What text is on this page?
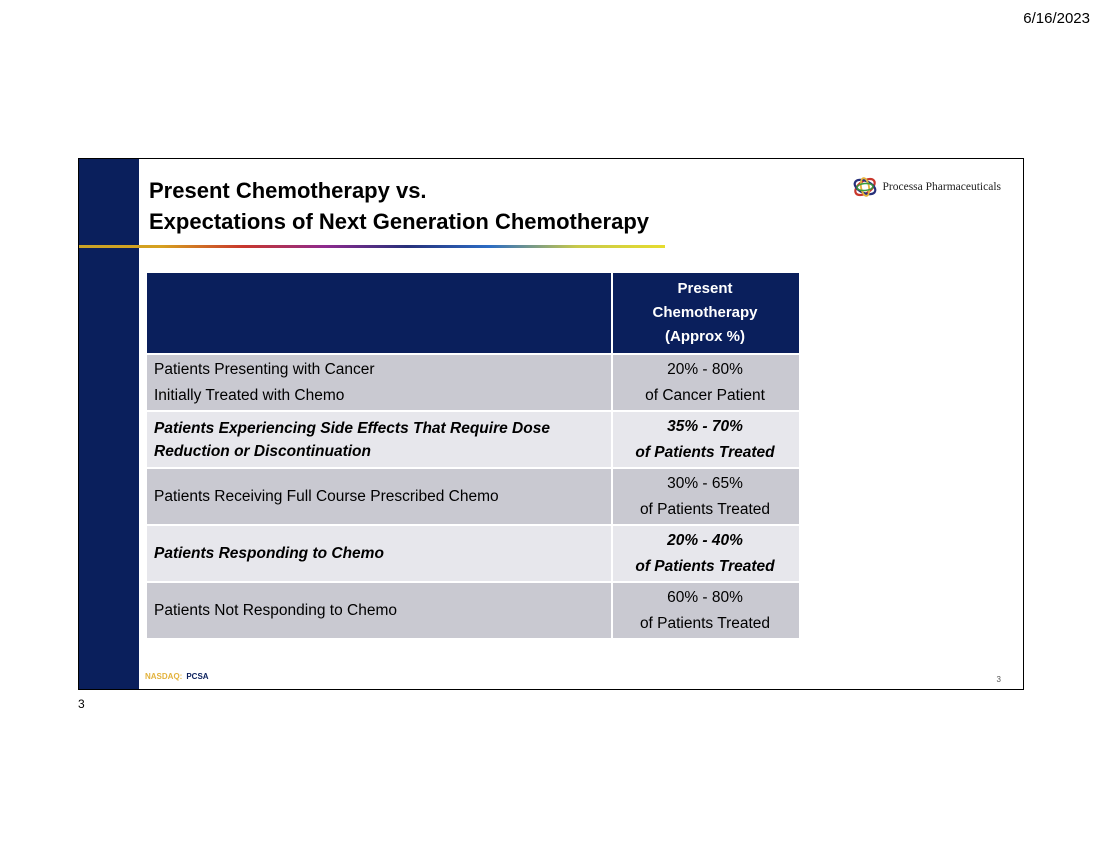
6/16/2023
Present Chemotherapy vs.
Expectations of Next Generation Chemotherapy
Processa Pharmaceuticals
Present
Chemotherapy
(Approx %)
Patients Presenting with Cancer
Initially Treated with Chemo
20% - 80%
of Cancer Patient
Patients Experiencing Side Effects That Require Dose
Reduction or Discontinuation
35% - 70%
of Patients Treated
Patients Receiving Full Course Prescribed Chemo
30% - 65%
of Patients Treated
Patients Responding to Chemo
20% - 40%
of Patients Treated
Patients Not Responding to Chemo
60% - 80%
of Patients Treated
NASDAQ: PCSA	3
3
